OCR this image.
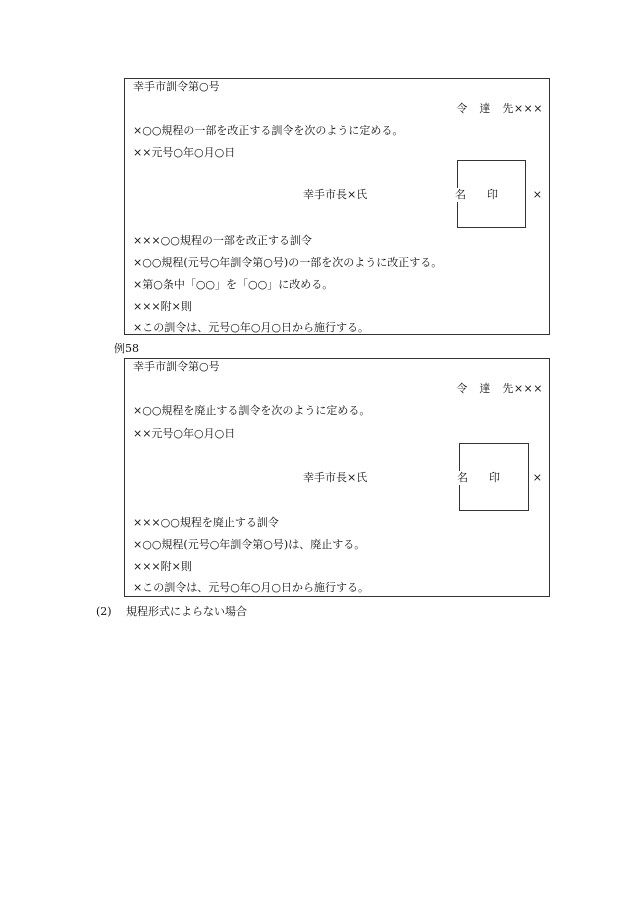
幸手市訓令第○号
令　達　先×××
×○○規程の一部を改正する訓令を次のように定める。
××元号○年○月○日
幸手市長×氏	名 印	×
×××○○規程の一部を改正する訓令
×○○規程(元号○年訓令第○号)の一部を次のように改正する。
×第○条中「○○」を「○○」に改める。
×××附×則
×この訓令は、元号○年○月○日から施行する。
例58
幸手市訓令第○号
令　達　先×××
×○○規程を廃止する訓令を次のように定める。
××元号○年○月○日
幸手市長×氏	名 印	×
×××○○規程を廃止する訓令
×○○規程(元号○年訓令第○号)は、廃止する。
×××附×則
×この訓令は、元号○年○月○日から施行する。
(2) 規程形式によらない場合
